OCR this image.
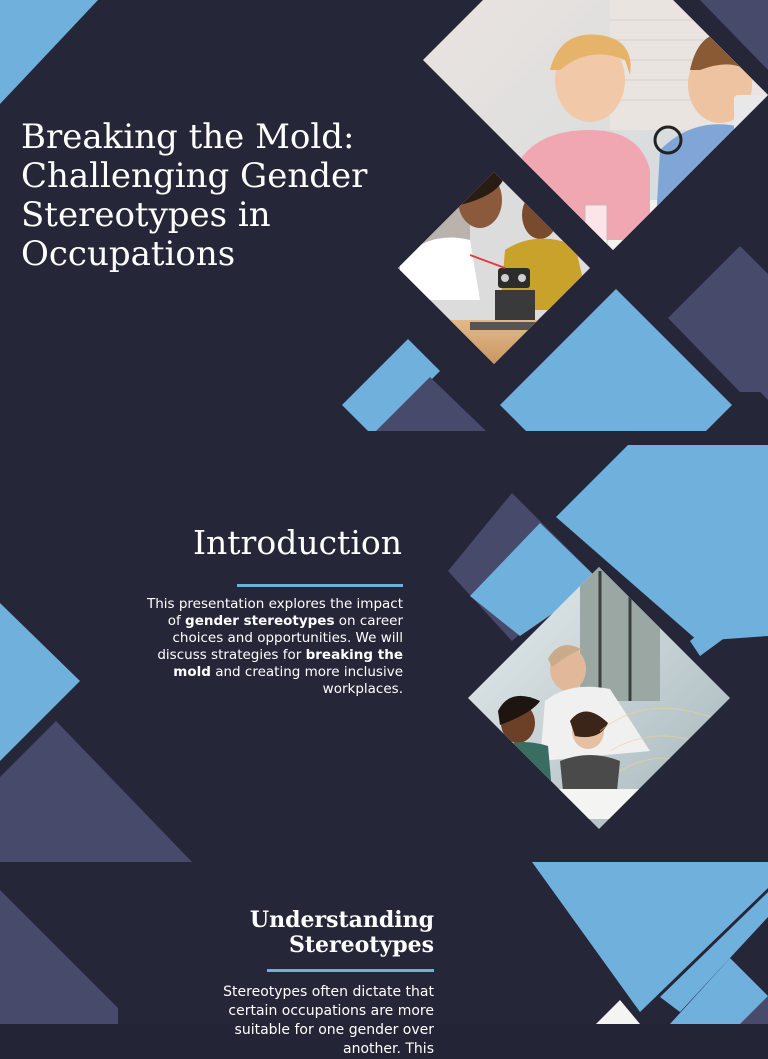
Breaking the Mold: Challenging Gender Stereotypes in Occupations
Introduction

This presentation explores the impact of gender stereotypes on career choices and opportunities. We will discuss strategies for breaking the mold and creating more inclusive workplaces.

Understanding Stereotypes

Stereotypes often dictate that certain occupations are more suitable for one gender over another. This
